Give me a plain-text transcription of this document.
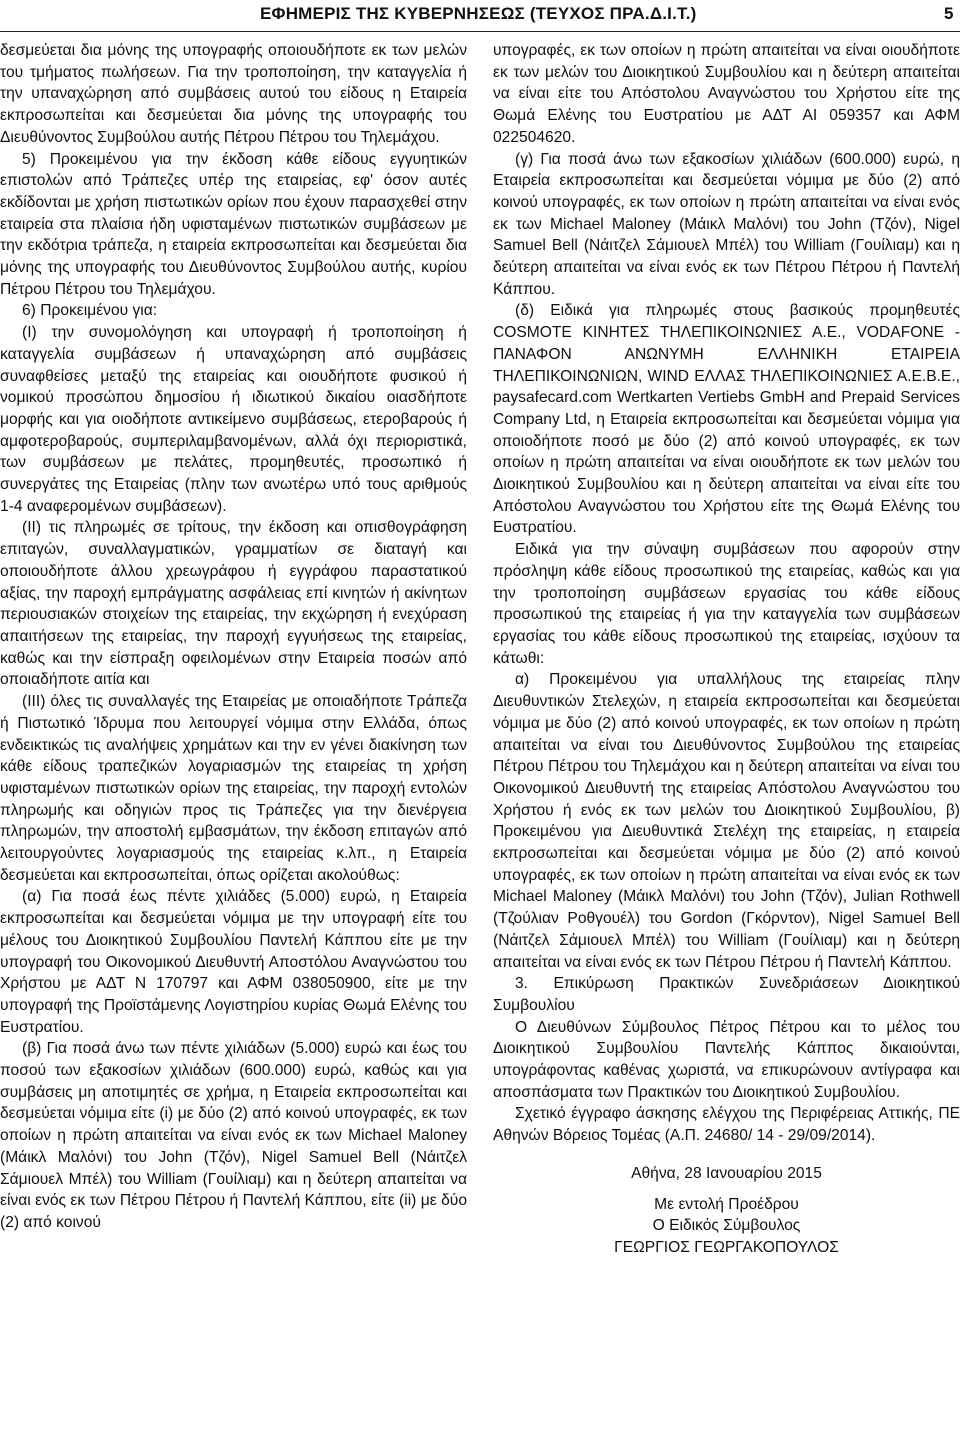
ΕΦΗΜΕΡΙΣ ΤΗΣ ΚΥΒΕΡΝΗΣΕΩΣ (ΤΕΥΧΟΣ ΠΡΑ.Δ.Ι.Τ.)	5

δεσμεύεται δια μόνης της υπογραφής οποιουδήποτε εκ των μελών του τμήματος πωλήσεων. Για την τροποποίηση, την καταγγελία ή την υπαναχώρηση από συμβάσεις αυτού του είδους η Εταιρεία εκπροσωπείται και δεσμεύεται δια μόνης της υπογραφής του Διευθύνοντος Συμβούλου αυτής Πέτρου Πέτρου του Τηλεμάχου.

5) Προκειμένου για την έκδοση κάθε είδους εγγυητικών επιστολών από Τράπεζες υπέρ της εταιρείας, εφ' όσον αυτές εκδίδονται με χρήση πιστωτικών ορίων που έχουν παρασχεθεί στην εταιρεία στα πλαίσια ήδη υφισταμένων πιστωτικών συμβάσεων με την εκδότρια τράπεζα, η εταιρεία εκπροσωπείται και δεσμεύεται δια μόνης της υπογραφής του Διευθύνοντος Συμβούλου αυτής, κυρίου Πέτρου Πέτρου του Τηλεμάχου.

6) Προκειμένου για:

(I) την συνομολόγηση και υπογραφή ή τροποποίηση ή καταγγελία συμβάσεων ή υπαναχώρηση από συμβάσεις συναφθείσες μεταξύ της εταιρείας και οιουδήποτε φυσικού ή νομικού προσώπου δημοσίου ή ιδιωτικού δικαίου οιασδήποτε μορφής και για οιοδήποτε αντικείμενο συμβάσεως, ετεροβαρούς ή αμφοτεροβαρούς, συμπεριλαμβανομένων, αλλά όχι περιοριστικά, των συμβάσεων με πελάτες, προμηθευτές, προσωπικό ή συνεργάτες της Εταιρείας (πλην των ανωτέρω υπό τους αριθμούς 1-4 αναφερομένων συμβάσεων).

(II) τις πληρωμές σε τρίτους, την έκδοση και οπισθογράφηση επιταγών, συναλλαγματικών, γραμματίων σε διαταγή και οποιουδήποτε άλλου χρεωγράφου ή εγγράφου παραστατικού αξίας, την παροχή εμπράγματης ασφάλειας επί κινητών ή ακίνητων περιουσιακών στοιχείων της εταιρείας, την εκχώρηση ή ενεχύραση απαιτήσεων της εταιρείας, την παροχή εγγυήσεως της εταιρείας, καθώς και την είσπραξη οφειλομένων στην Εταιρεία ποσών από οποιαδήποτε αιτία και

(III) όλες τις συναλλαγές της Εταιρείας με οποιαδήποτε Τράπεζα ή Πιστωτικό Ίδρυμα που λειτουργεί νόμιμα στην Ελλάδα, όπως ενδεικτικώς τις αναλήψεις χρημάτων και την εν γένει διακίνηση των κάθε είδους τραπεζικών λογαριασμών της εταιρείας τη χρήση υφισταμένων πιστωτικών ορίων της εταιρείας, την παροχή εντολών πληρωμής και οδηγιών προς τις Τράπεζες για την διενέργεια πληρωμών, την αποστολή εμβασμάτων, την έκδοση επιταγών από λειτουργούντες λογαριασμούς της εταιρείας κ.λπ., η Εταιρεία δεσμεύεται και εκπροσωπείται, όπως ορίζεται ακολούθως:

(α) Για ποσά έως πέντε χιλιάδες (5.000) ευρώ, η Εταιρεία εκπροσωπείται και δεσμεύεται νόμιμα με την υπογραφή είτε του μέλους του Διοικητικού Συμβουλίου Παντελή Κάππου είτε με την υπογραφή του Οικονομικού Διευθυντή Αποστόλου Αναγνώστου του Χρήστου με ΑΔΤ Ν 170797 και ΑΦΜ 038050900, είτε με την υπογραφή της Προϊστάμενης Λογιστηρίου κυρίας Θωμά Ελένης του Ευστρατίου.

(β) Για ποσά άνω των πέντε χιλιάδων (5.000) ευρώ και έως του ποσού των εξακοσίων χιλιάδων (600.000) ευρώ, καθώς και για συμβάσεις μη αποτιμητές σε χρήμα, η Εταιρεία εκπροσωπείται και δεσμεύεται νόμιμα είτε (i) με δύο (2) από κοινού υπογραφές, εκ των οποίων η πρώτη απαιτείται να είναι ενός εκ των Michael Maloney (Μάικλ Μαλόνι) του John (Τζόν), Nigel Samuel Bell (Νάιτζελ Σάμιουελ Μπέλ) του William (Γουίλιαμ) και η δεύτερη απαιτείται να είναι ενός εκ των Πέτρου Πέτρου ή Παντελή Κάππου, είτε (ii) με δύο (2) από κοινού

υπογραφές, εκ των οποίων η πρώτη απαιτείται να είναι οιουδήποτε εκ των μελών του Διοικητικού Συμβουλίου και η δεύτερη απαιτείται να είναι είτε του Απόστολου Αναγνώστου του Χρήστου είτε της Θωμά Ελένης του Ευστρατίου με ΑΔΤ ΑΙ 059357 και ΑΦΜ 022504620.

(γ) Για ποσά άνω των εξακοσίων χιλιάδων (600.000) ευρώ, η Εταιρεία εκπροσωπείται και δεσμεύεται νόμιμα με δύο (2) από κοινού υπογραφές, εκ των οποίων η πρώτη απαιτείται να είναι ενός εκ των Michael Maloney (Μάικλ Μαλόνι) του John (Τζόν), Nigel Samuel Bell (Νάιτζελ Σάμιουελ Μπέλ) του William (Γουίλιαμ) και η δεύτερη απαιτείται να είναι ενός εκ των Πέτρου Πέτρου ή Παντελή Κάππου.

(δ) Ειδικά για πληρωμές στους βασικούς προμηθευτές COSMOTE ΚΙΝΗΤΕΣ ΤΗΛΕΠΙΚΟΙΝΩΝΙΕΣ Α.Ε., VODAFONE - ΠΑΝΑΦΟΝ ΑΝΩΝΥΜΗ ΕΛΛΗΝΙΚΗ ΕΤΑΙΡΕΙΑ ΤΗΛΕΠΙΚΟΙΝΩΝΙΩΝ, WIND ΕΛΛΑΣ ΤΗΛΕΠΙΚΟΙΝΩΝΙΕΣ Α.Ε.Β.Ε., paysafecard.com Wertkarten Vertiebs GmbH and Prepaid Services Company Ltd, η Εταιρεία εκπροσωπείται και δεσμεύεται νόμιμα για οποιοδήποτε ποσό με δύο (2) από κοινού υπογραφές, εκ των οποίων η πρώτη απαιτείται να είναι οιουδήποτε εκ των μελών του Διοικητικού Συμβουλίου και η δεύτερη απαιτείται να είναι είτε του Απόστολου Αναγνώστου του Χρήστου είτε της Θωμά Ελένης του Ευστρατίου.

Ειδικά για την σύναψη συμβάσεων που αφορούν στην πρόσληψη κάθε είδους προσωπικού της εταιρείας, καθώς και για την τροποποίηση συμβάσεων εργασίας του κάθε είδους προσωπικού της εταιρείας ή για την καταγγελία των συμβάσεων εργασίας του κάθε είδους προσωπικού της εταιρείας, ισχύουν τα κάτωθι:

α) Προκειμένου για υπαλλήλους της εταιρείας πλην Διευθυντικών Στελεχών, η εταιρεία εκπροσωπείται και δεσμεύεται νόμιμα με δύο (2) από κοινού υπογραφές, εκ των οποίων η πρώτη απαιτείται να είναι του Διευθύνοντος Συμβούλου της εταιρείας Πέτρου Πέτρου του Τηλεμάχου και η δεύτερη απαιτείται να είναι του Οικονομικού Διευθυντή της εταιρείας Απόστολου Αναγνώστου του Χρήστου ή ενός εκ των μελών του Διοικητικού Συμβουλίου, β) Προκειμένου για Διευθυντικά Στελέχη της εταιρείας, η εταιρεία εκπροσωπείται και δεσμεύεται νόμιμα με δύο (2) από κοινού υπογραφές, εκ των οποίων η πρώτη απαιτείται να είναι ενός εκ των Michael Maloney (Μάικλ Μαλόνι) του John (Τζόν), Julian Rothwell (Τζούλιαν Ροθγουέλ) του Gordon (Γκόρντον), Nigel Samuel Bell (Νάιτζελ Σάμιουελ Μπέλ) του William (Γουίλιαμ) και η δεύτερη απαιτείται να είναι ενός εκ των Πέτρου Πέτρου ή Παντελή Κάππου.

3. Επικύρωση Πρακτικών Συνεδριάσεων Διοικητικού Συμβουλίου

Ο Διευθύνων Σύμβουλος Πέτρος Πέτρου και το μέλος του Διοικητικού Συμβουλίου Παντελής Κάππος δικαιούνται, υπογράφοντας καθένας χωριστά, να επικυρώνουν αντίγραφα και αποσπάσματα των Πρακτικών του Διοικητικού Συμβουλίου.

Σχετικό έγγραφο άσκησης ελέγχου της Περιφέρειας Αττικής, ΠΕ Αθηνών Βόρειος Τομέας (Α.Π. 24680/ 14 - 29/09/2014).

Αθήνα, 28 Ιανουαρίου 2015
Με εντολή Προέδρου
Ο Ειδικός Σύμβουλος
ΓΕΩΡΓΙΟΣ ΓΕΩΡΓΑΚΟΠΟΥΛΟΣ
